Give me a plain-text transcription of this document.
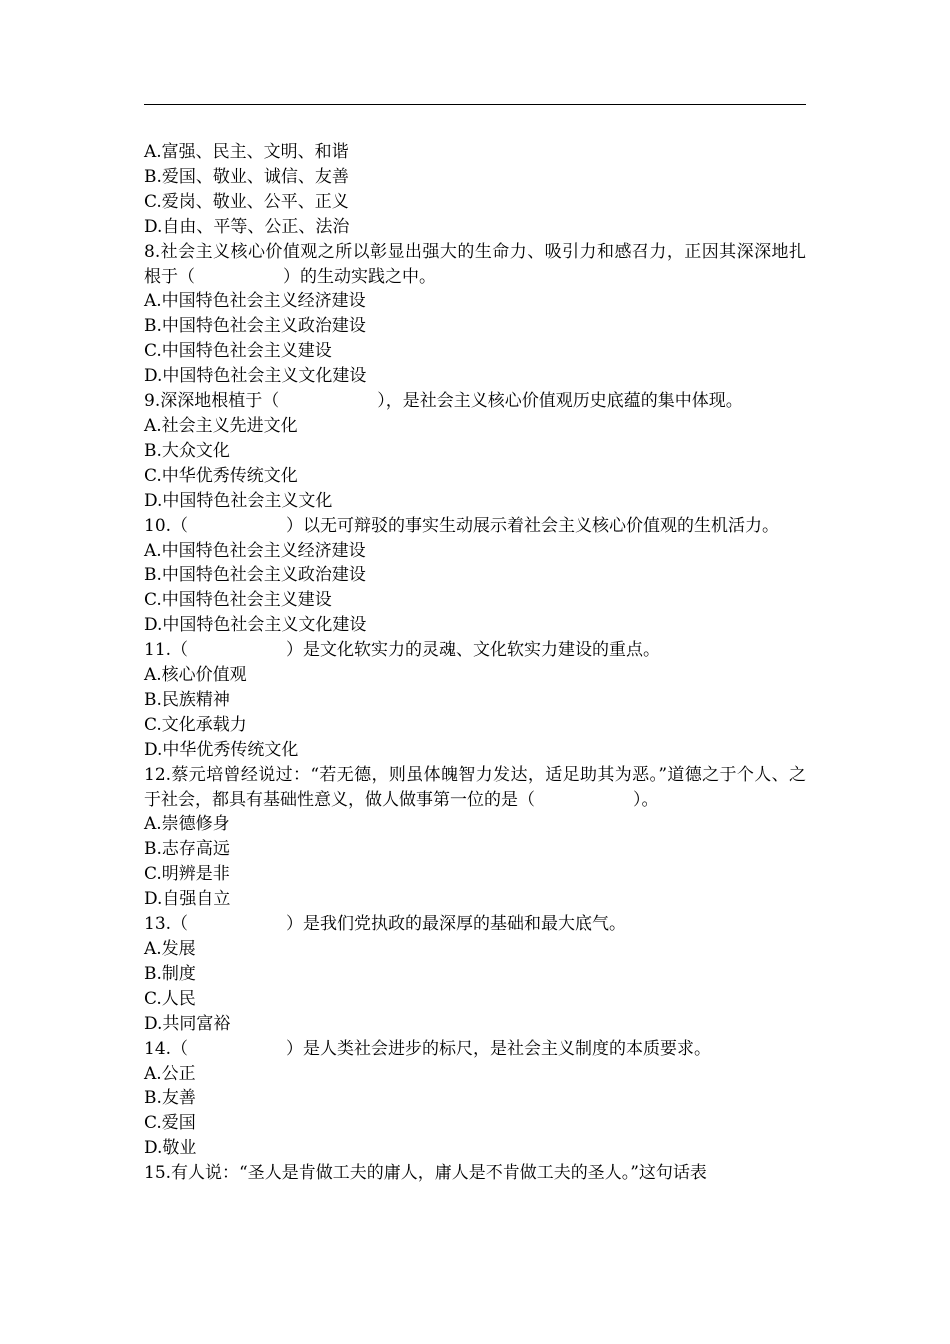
A.富强、民主、文明、和谐
B.爱国、敬业、诚信、友善
C.爱岗、敬业、公平、正义
D.自由、平等、公正、法治
8.社会主义核心价值观之所以彰显出强大的生命力、吸引力和感召力，正因其深深地扎根于（	）的生动实践之中。
A.中国特色社会主义经济建设
B.中国特色社会主义政治建设
C.中国特色社会主义建设
D.中国特色社会主义文化建设
9.深深地根植于（	），是社会主义核心价值观历史底蕴的集中体现。
A.社会主义先进文化
B.大众文化
C.中华优秀传统文化
D.中国特色社会主义文化
10.（	）以无可辩驳的事实生动展示着社会主义核心价值观的生机活力。
A.中国特色社会主义经济建设
B.中国特色社会主义政治建设
C.中国特色社会主义建设
D.中国特色社会主义文化建设
11.（	）是文化软实力的灵魂、文化软实力建设的重点。
A.核心价值观
B.民族精神
C.文化承载力
D.中华优秀传统文化
12.蔡元培曾经说过：“若无德，则虽体魄智力发达，适足助其为恶。”道德之于个人、之于社会，都具有基础性意义，做人做事第一位的是（	）。
A.崇德修身
B.志存高远
C.明辨是非
D.自强自立
13.（	）是我们党执政的最深厚的基础和最大底气。
A.发展
B.制度
C.人民
D.共同富裕
14.（	）是人类社会进步的标尺，是社会主义制度的本质要求。
A.公正
B.友善
C.爱国
D.敬业
15.有人说：“圣人是肯做工夫的庸人，庸人是不肯做工夫的圣人。”这句话表
